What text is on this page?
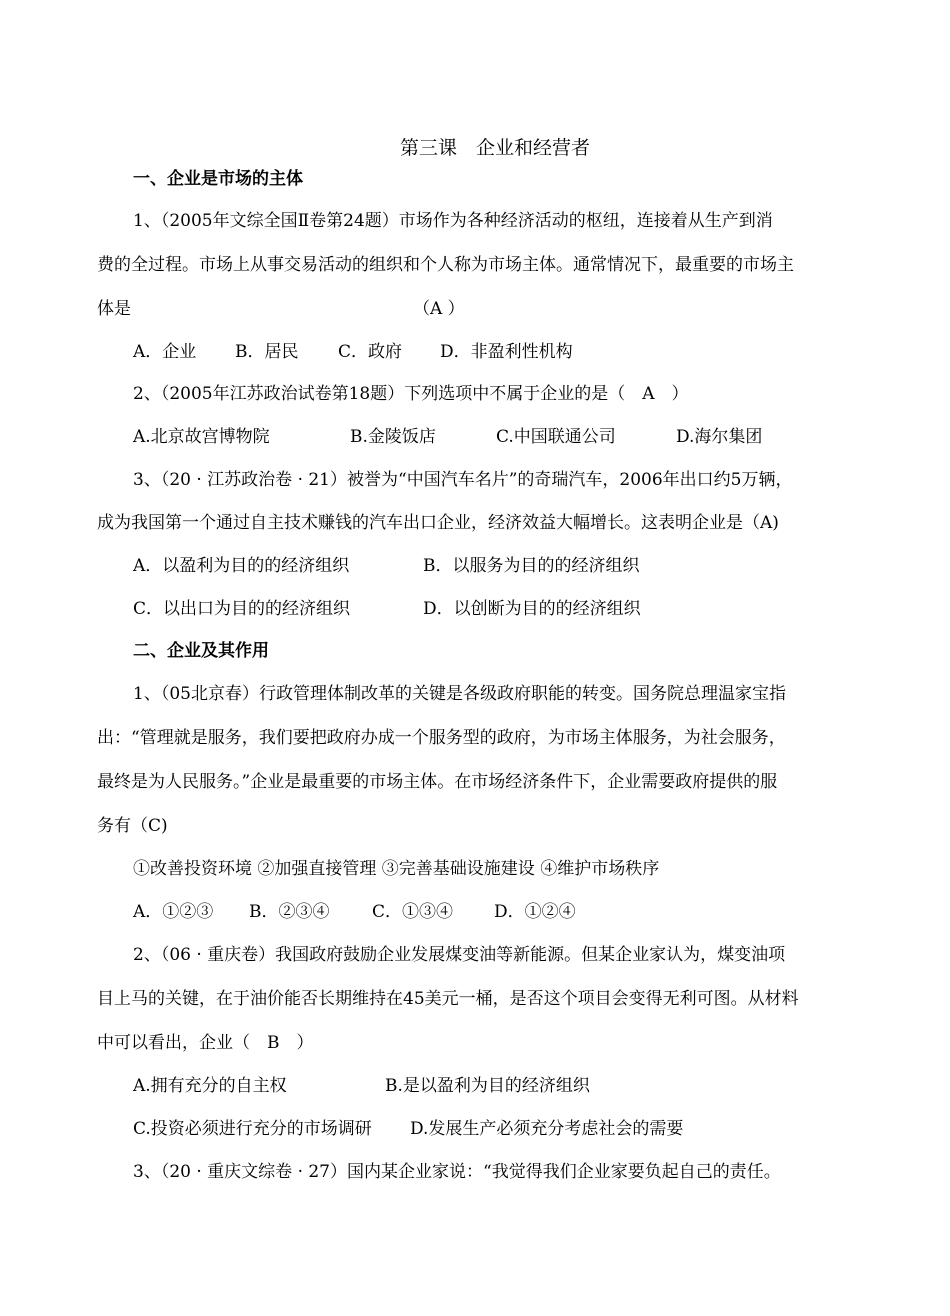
第三课　企业和经营者
一、企业是市场的主体
1、（2005年文综全国Ⅱ卷第24题）市场作为各种经济活动的枢纽，连接着从生产到消
费的全过程。市场上从事交易活动的组织和个人称为市场主体。通常情况下，最重要的市场主
体是	（A ）
A．企业 B．居民 C．政府 D．非盈利性机构
2、（2005年江苏政治试卷第18题）下列选项中不属于企业的是（　A　）
A.北京故宫博物院	B.金陵饭店	C.中国联通公司	D.海尔集团
3、（20 · 江苏政治卷 · 21）被誉为“中国汽车名片”的奇瑞汽车，2006年出口约5万辆，
成为我国第一个通过自主技术赚钱的汽车出口企业，经济效益大幅增长。这表明企业是（A)
A．以盈利为目的的经济组织	B．以服务为目的的经济组织
C．以出口为目的的经济组织	D．以创断为目的的经济组织
二、企业及其作用
1、（05北京春）行政管理体制改革的关键是各级政府职能的转变。国务院总理温家宝指
出：“管理就是服务，我们要把政府办成一个服务型的政府，为市场主体服务，为社会服务，
最终是为人民服务。”企业是最重要的市场主体。在市场经济条件下，企业需要政府提供的服
务有（C)
①改善投资环境 ②加强直接管理 ③完善基础设施建设 ④维护市场秩序
A．①②③ B．②③④	C．①③④ D．①②④
2、（06 · 重庆卷）我国政府鼓励企业发展煤变油等新能源。但某企业家认为，煤变油项
目上马的关键，在于油价能否长期维持在45美元一桶，是否这个项目会变得无利可图。从材料
中可以看出，企业（　B　）
A.拥有充分的自主权	B.是以盈利为目的经济组织
C.投资必须进行充分的市场调研 D.发展生产必须充分考虑社会的需要
3、（20 · 重庆文综卷 · 27）国内某企业家说：“我觉得我们企业家要负起自己的责任。
